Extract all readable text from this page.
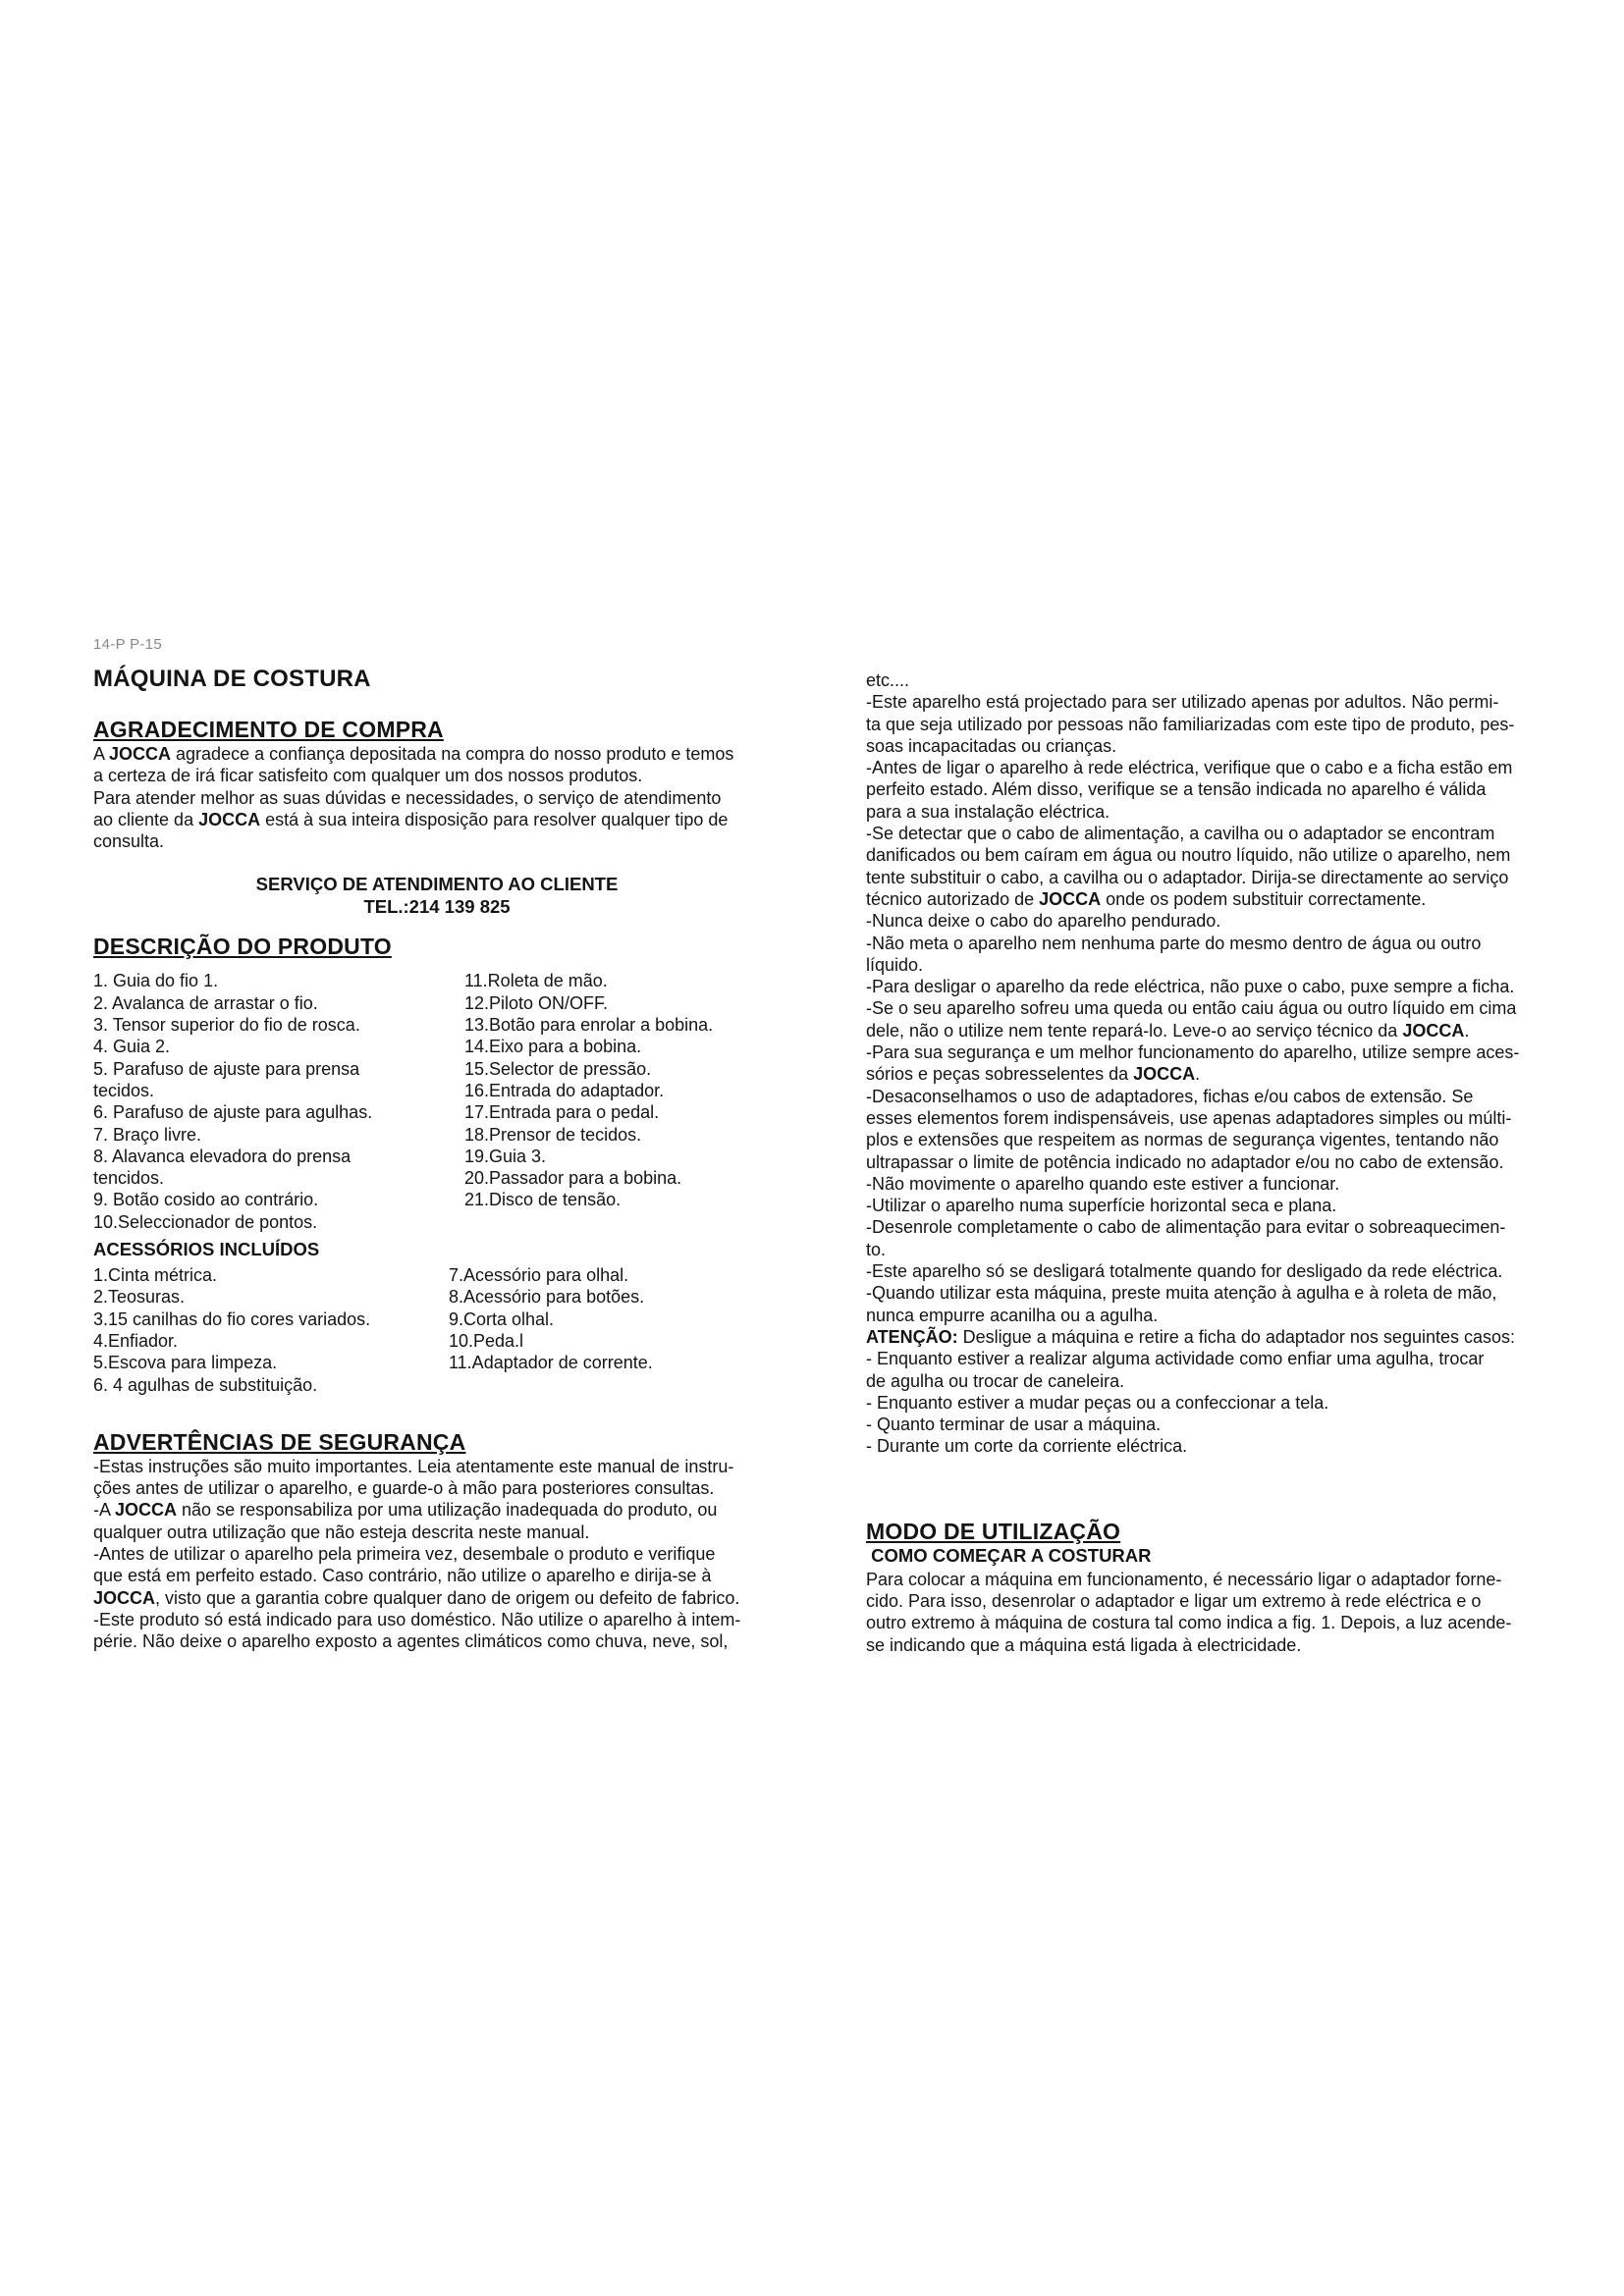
14-P P-15
MÁQUINA DE COSTURA
AGRADECIMENTO DE COMPRA

A JOCCA agradece a confiança depositada na compra do nosso produto e temos
a certeza de irá ficar satisfeito com qualquer um dos nossos produtos.

Para atender melhor as suas dúvidas e necessidades, o serviço de atendimento
ao cliente da JOCCA está à sua inteira disposição para resolver qualquer tipo de
consulta.

SERVIÇO DE ATENDIMENTO AO CLIENTE

TEL.:214 139 825

DESCRIÇÃO DO PRODUTO
1. Guia do fio 1.
2. Avalanca de arrastar o fio.
3. Tensor superior do fio de rosca.
4. Guia 2.
5. Parafuso de ajuste para prensa
tecidos.
6. Parafuso de ajuste para agulhas.
7. Braço livre.
8. Alavanca elevadora do prensa
tencidos.
9. Botão cosido ao contrário.
10.Seleccionador de pontos.
11.Roleta de mão.
12.Piloto ON/OFF.
13.Botão para enrolar a bobina.
14.Eixo para a bobina.
15.Selector de pressão.
16.Entrada do adaptador.
17.Entrada para o pedal.
18.Prensor de tecidos.
19.Guia 3.
20.Passador para a bobina.
21.Disco de tensão.
ACESSÓRIOS INCLUÍDOS
1.Cinta métrica.
2.Teosuras.
3.15 canilhas do fio cores variados.
4.Enfiador.
5.Escova para limpeza.
6. 4 agulhas de substituição.
7.Acessório para olhal.
8.Acessório para botões.
9.Corta olhal.
10.Peda.l
11.Adaptador de corrente.
ADVERTÊNCIAS DE SEGURANÇA

-Estas instruções são muito importantes. Leia atentamente este manual de instru-
ções antes de utilizar o aparelho, e guarde-o à mão para posteriores consultas.

-A JOCCA não se responsabiliza por uma utilização inadequada do produto, ou
qualquer outra utilização que não esteja descrita neste manual.

-Antes de utilizar o aparelho pela primeira vez, desembale o produto e verifique
que está em perfeito estado. Caso contrário, não utilize o aparelho e dirija-se à
JOCCA, visto que a garantia cobre qualquer dano de origem ou defeito de fabrico.

-Este produto só está indicado para uso doméstico. Não utilize o aparelho à intem-
périe. Não deixe o aparelho exposto a agentes climáticos como chuva, neve, sol,

etc....

-Este aparelho está projectado para ser utilizado apenas por adultos. Não permi-
ta que seja utilizado por pessoas não familiarizadas com este tipo de produto, pes-
soas incapacitadas ou crianças.

-Antes de ligar o aparelho à rede eléctrica, verifique que o cabo e a ficha estão em
perfeito estado. Além disso, verifique se a tensão indicada no aparelho é válida
para a sua instalação eléctrica.

-Se detectar que o cabo de alimentação, a cavilha ou o adaptador se encontram
danificados ou bem caíram em água ou noutro líquido, não utilize o aparelho, nem
tente substituir o cabo, a cavilha ou o adaptador. Dirija-se directamente ao serviço
técnico autorizado de JOCCA onde os podem substituir correctamente.

-Nunca deixe o cabo do aparelho pendurado.

-Não meta o aparelho nem nenhuma parte do mesmo dentro de água ou outro
líquido.

-Para desligar o aparelho da rede eléctrica, não puxe o cabo, puxe sempre a ficha.

-Se o seu aparelho sofreu uma queda ou então caiu água ou outro líquido em cima
dele, não o utilize nem tente repará-lo. Leve-o ao serviço técnico da JOCCA.

-Para sua segurança e um melhor funcionamento do aparelho, utilize sempre aces-
sórios e peças sobresselentes da JOCCA.

-Desaconselhamos o uso de adaptadores, fichas e/ou cabos de extensão. Se
esses elementos forem indispensáveis, use apenas adaptadores simples ou múlti-
plos e extensões que respeitem as normas de segurança vigentes, tentando não
ultrapassar o limite de potência indicado no adaptador e/ou no cabo de extensão.

-Não movimente o aparelho quando este estiver a funcionar.

-Utilizar o aparelho numa superfície horizontal seca e plana.

-Desenrole completamente o cabo de alimentação para evitar o sobreaquecimen-
to.

-Este aparelho só se desligará totalmente quando for desligado da rede eléctrica.

-Quando utilizar esta máquina, preste muita atenção à agulha e à roleta de mão,
nunca empurre acanilha ou a agulha.

ATENÇÃO: Desligue a máquina e retire a ficha do adaptador nos seguintes casos:

- Enquanto estiver a realizar alguma actividade como enfiar uma agulha, trocar
de agulha ou trocar de caneleira.
- Enquanto estiver a mudar peças ou a confeccionar a tela.
- Quanto terminar de usar a máquina.
- Durante um corte da corriente eléctrica.

MODO DE UTILIZAÇÃO
COMO COMEÇAR A COSTURAR

Para colocar a máquina em funcionamento, é necessário ligar o adaptador forne-
cido. Para isso, desenrolar o adaptador e ligar um extremo à rede eléctrica e o
outro extremo à máquina de costura tal como indica a fig. 1. Depois, a luz acende-
se indicando que a máquina está ligada à electricidade.
